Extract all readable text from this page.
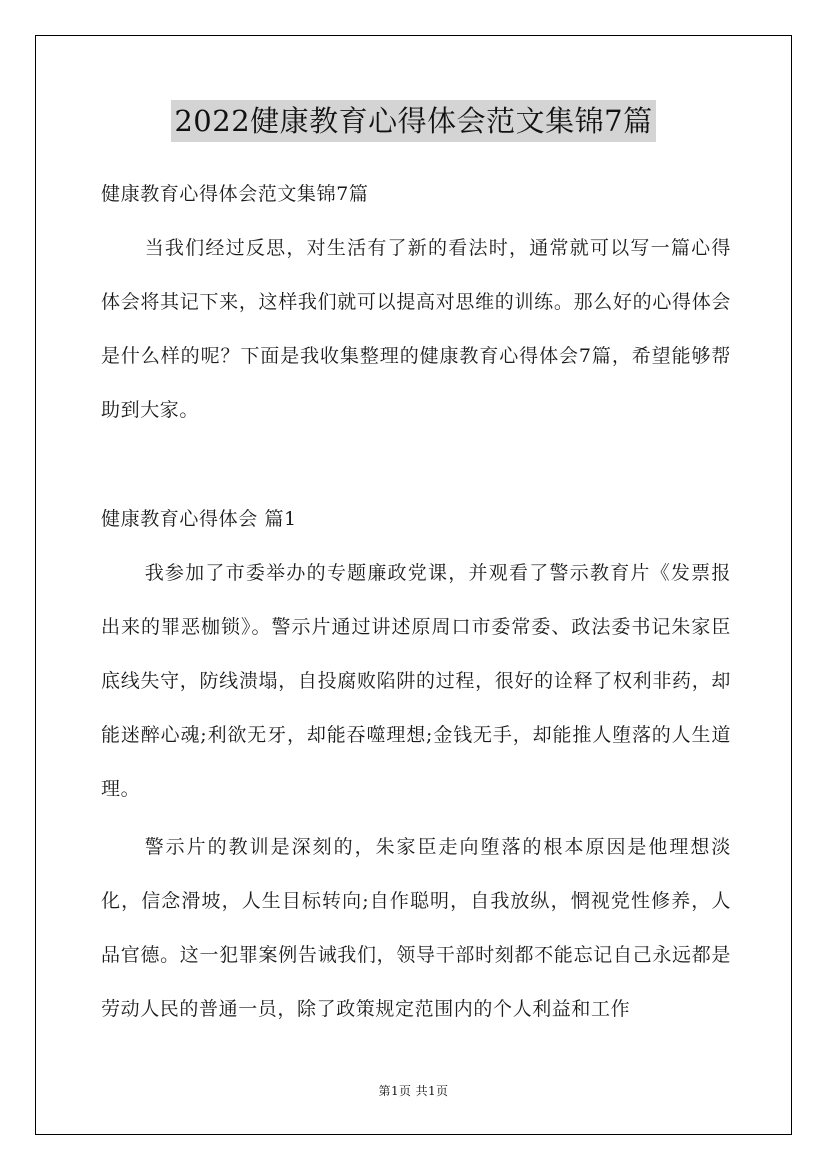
2022健康教育心得体会范文集锦7篇
健康教育心得体会范文集锦7篇
当我们经过反思，对生活有了新的看法时，通常就可以写一篇心得体会将其记下来，这样我们就可以提高对思维的训练。那么好的心得体会是什么样的呢？下面是我收集整理的健康教育心得体会7篇，希望能够帮助到大家。
健康教育心得体会 篇1
我参加了市委举办的专题廉政党课，并观看了警示教育片《发票报出来的罪恶枷锁》。警示片通过讲述原周口市委常委、政法委书记朱家臣底线失守，防线溃塌，自投腐败陷阱的过程，很好的诠释了权利非药，却能迷醉心魂;利欲无牙，却能吞噬理想;金钱无手，却能推人堕落的人生道理。
警示片的教训是深刻的，朱家臣走向堕落的根本原因是他理想淡化，信念滑坡，人生目标转向;自作聪明，自我放纵，惘视党性修养，人品官德。这一犯罪案例告诫我们，领导干部时刻都不能忘记自己永远都是劳动人民的普通一员，除了政策规定范围内的个人利益和工作
第1页 共1页
